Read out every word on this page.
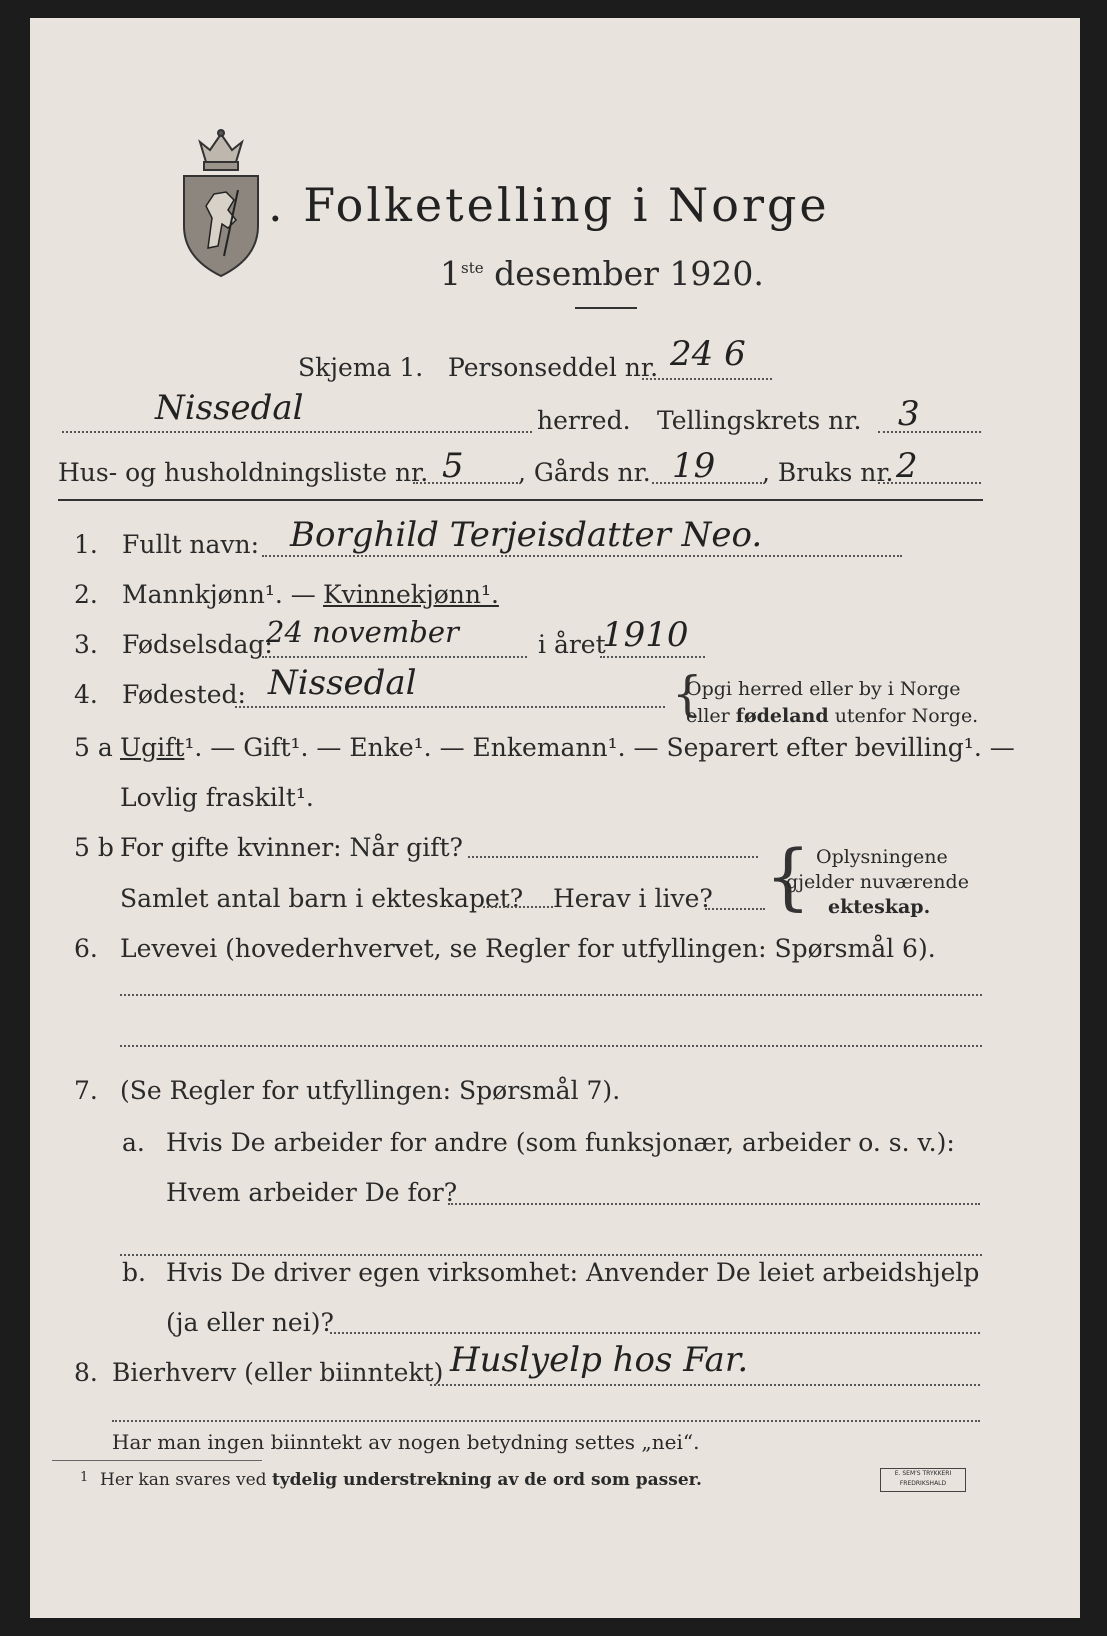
. Folketelling i Norge
1ste desember 1920.
Skjema 1. Personseddel nr. 24 6
Nissedal	herred. Tellingskrets nr. 3
Hus- og husholdningsliste nr. 5 , Gårds nr. 19 , Bruks nr. 2
1. Fullt navn: Borghild Terjeisdatter Neo.
2. Mannkjønn¹. — Kvinnekjønn¹.
3. Fødselsdag:
24 november	i året
1910
4. Fødested: Nissedal	{
Opgi herred eller by i Norge
eller fødeland utenfor Norge.
5 a Ugift¹. — Gift¹. — Enke¹. — Enkemann¹. — Separert efter bevilling¹. —
Lovlig fraskilt¹.
5 b For gifte kvinner: Når gift?
Samlet antal barn i ekteskapet? Herav i live? { Oplysningene
gjelder nuværende
ekteskap.
6. Levevei (hovederhvervet, se Regler for utfyllingen: Spørsmål 6).
7. (Se Regler for utfyllingen: Spørsmål 7).
a. Hvis De arbeider for andre (som funksjonær, arbeider o. s. v.):
Hvem arbeider De for?
b. Hvis De driver egen virksomhet: Anvender De leiet arbeidshjelp
(ja eller nei)?
8. Bierhverv (eller biinntekt) Huslyelp hos Far.
Har man ingen biinntekt av nogen betydning settes „nei“.
1 Her kan svares ved tydelig understrekning av de ord som passer.	E. SEM'S TRYKKERI
FREDRIKSHALD
